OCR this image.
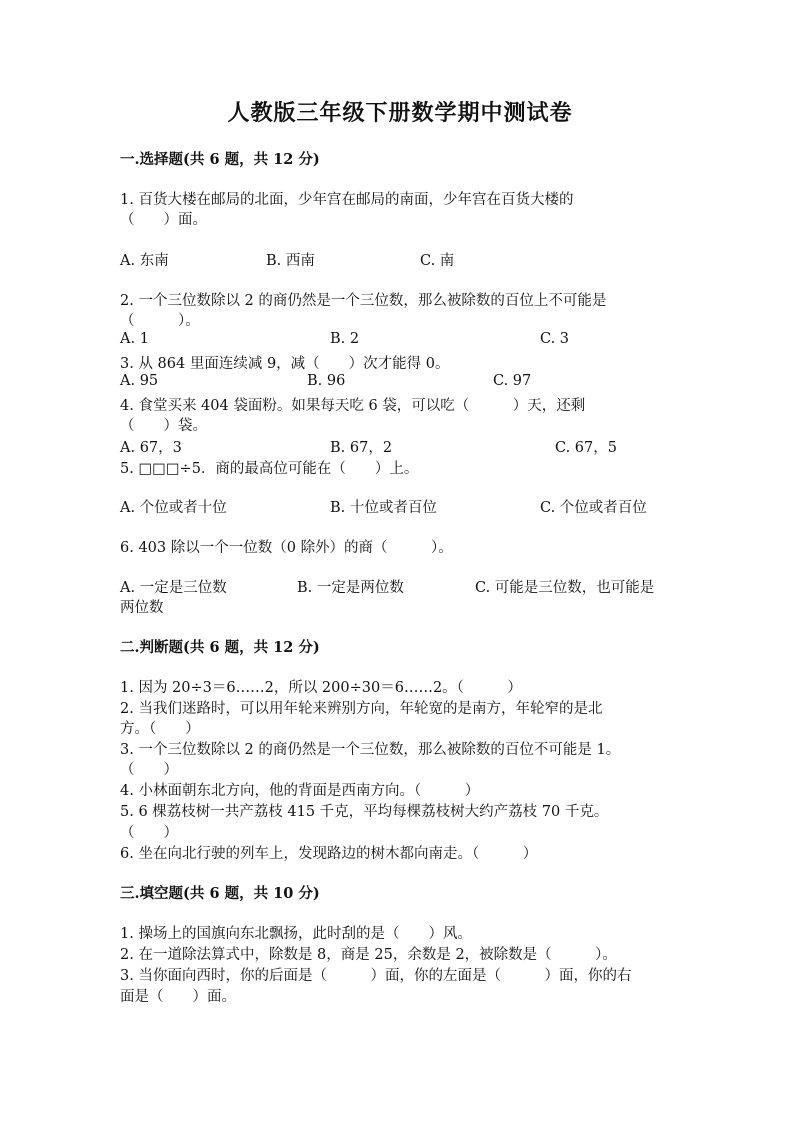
人教版三年级下册数学期中测试卷
一.选择题(共 6 题，共 12 分)
1. 百货大楼在邮局的北面，少年宫在邮局的南面，少年宫在百货大楼的
（　　）面。
A. 东南	B. 西南	C. 南
2. 一个三位数除以 2 的商仍然是一个三位数，那么被除数的百位上不可能是
（　　　）。
A. 1	B. 2	C. 3
3. 从 864 里面连续减 9，减（　　）次才能得 0。
A. 95	B. 96	C. 97
4. 食堂买来 404 袋面粉。如果每天吃 6 袋，可以吃（　　　）天，还剩
（　　）袋。
A. 67，3	B. 67，2	C. 67，5
5. □□□÷5．商的最高位可能在（　　）上。
A. 个位或者十位	B. 十位或者百位	C. 个位或者百位
6. 403 除以一个一位数（0 除外）的商（　　　）。
A. 一定是三位数	B. 一定是两位数	C. 可能是三位数，也可能是
两位数
二.判断题(共 6 题，共 12 分)
1. 因为 20÷3＝6……2，所以 200÷30＝6……2。（　　　）
2. 当我们迷路时，可以用年轮来辨别方向，年轮宽的是南方，年轮窄的是北
方。（　　）
3. 一个三位数除以 2 的商仍然是一个三位数，那么被除数的百位不可能是 1。
（　　）
4. 小林面朝东北方向，他的背面是西南方向。（　　　）
5. 6 棵荔枝树一共产荔枝 415 千克，平均每棵荔枝树大约产荔枝 70 千克。
（　　）
6. 坐在向北行驶的列车上，发现路边的树木都向南走。（　　　）
三.填空题(共 6 题，共 10 分)
1. 操场上的国旗向东北飘扬，此时刮的是（　　）风。
2. 在一道除法算式中，除数是 8，商是 25，余数是 2，被除数是（　　　）。
3. 当你面向西时，你的后面是（　　　）面，你的左面是（　　　）面，你的右
面是（　　）面。
